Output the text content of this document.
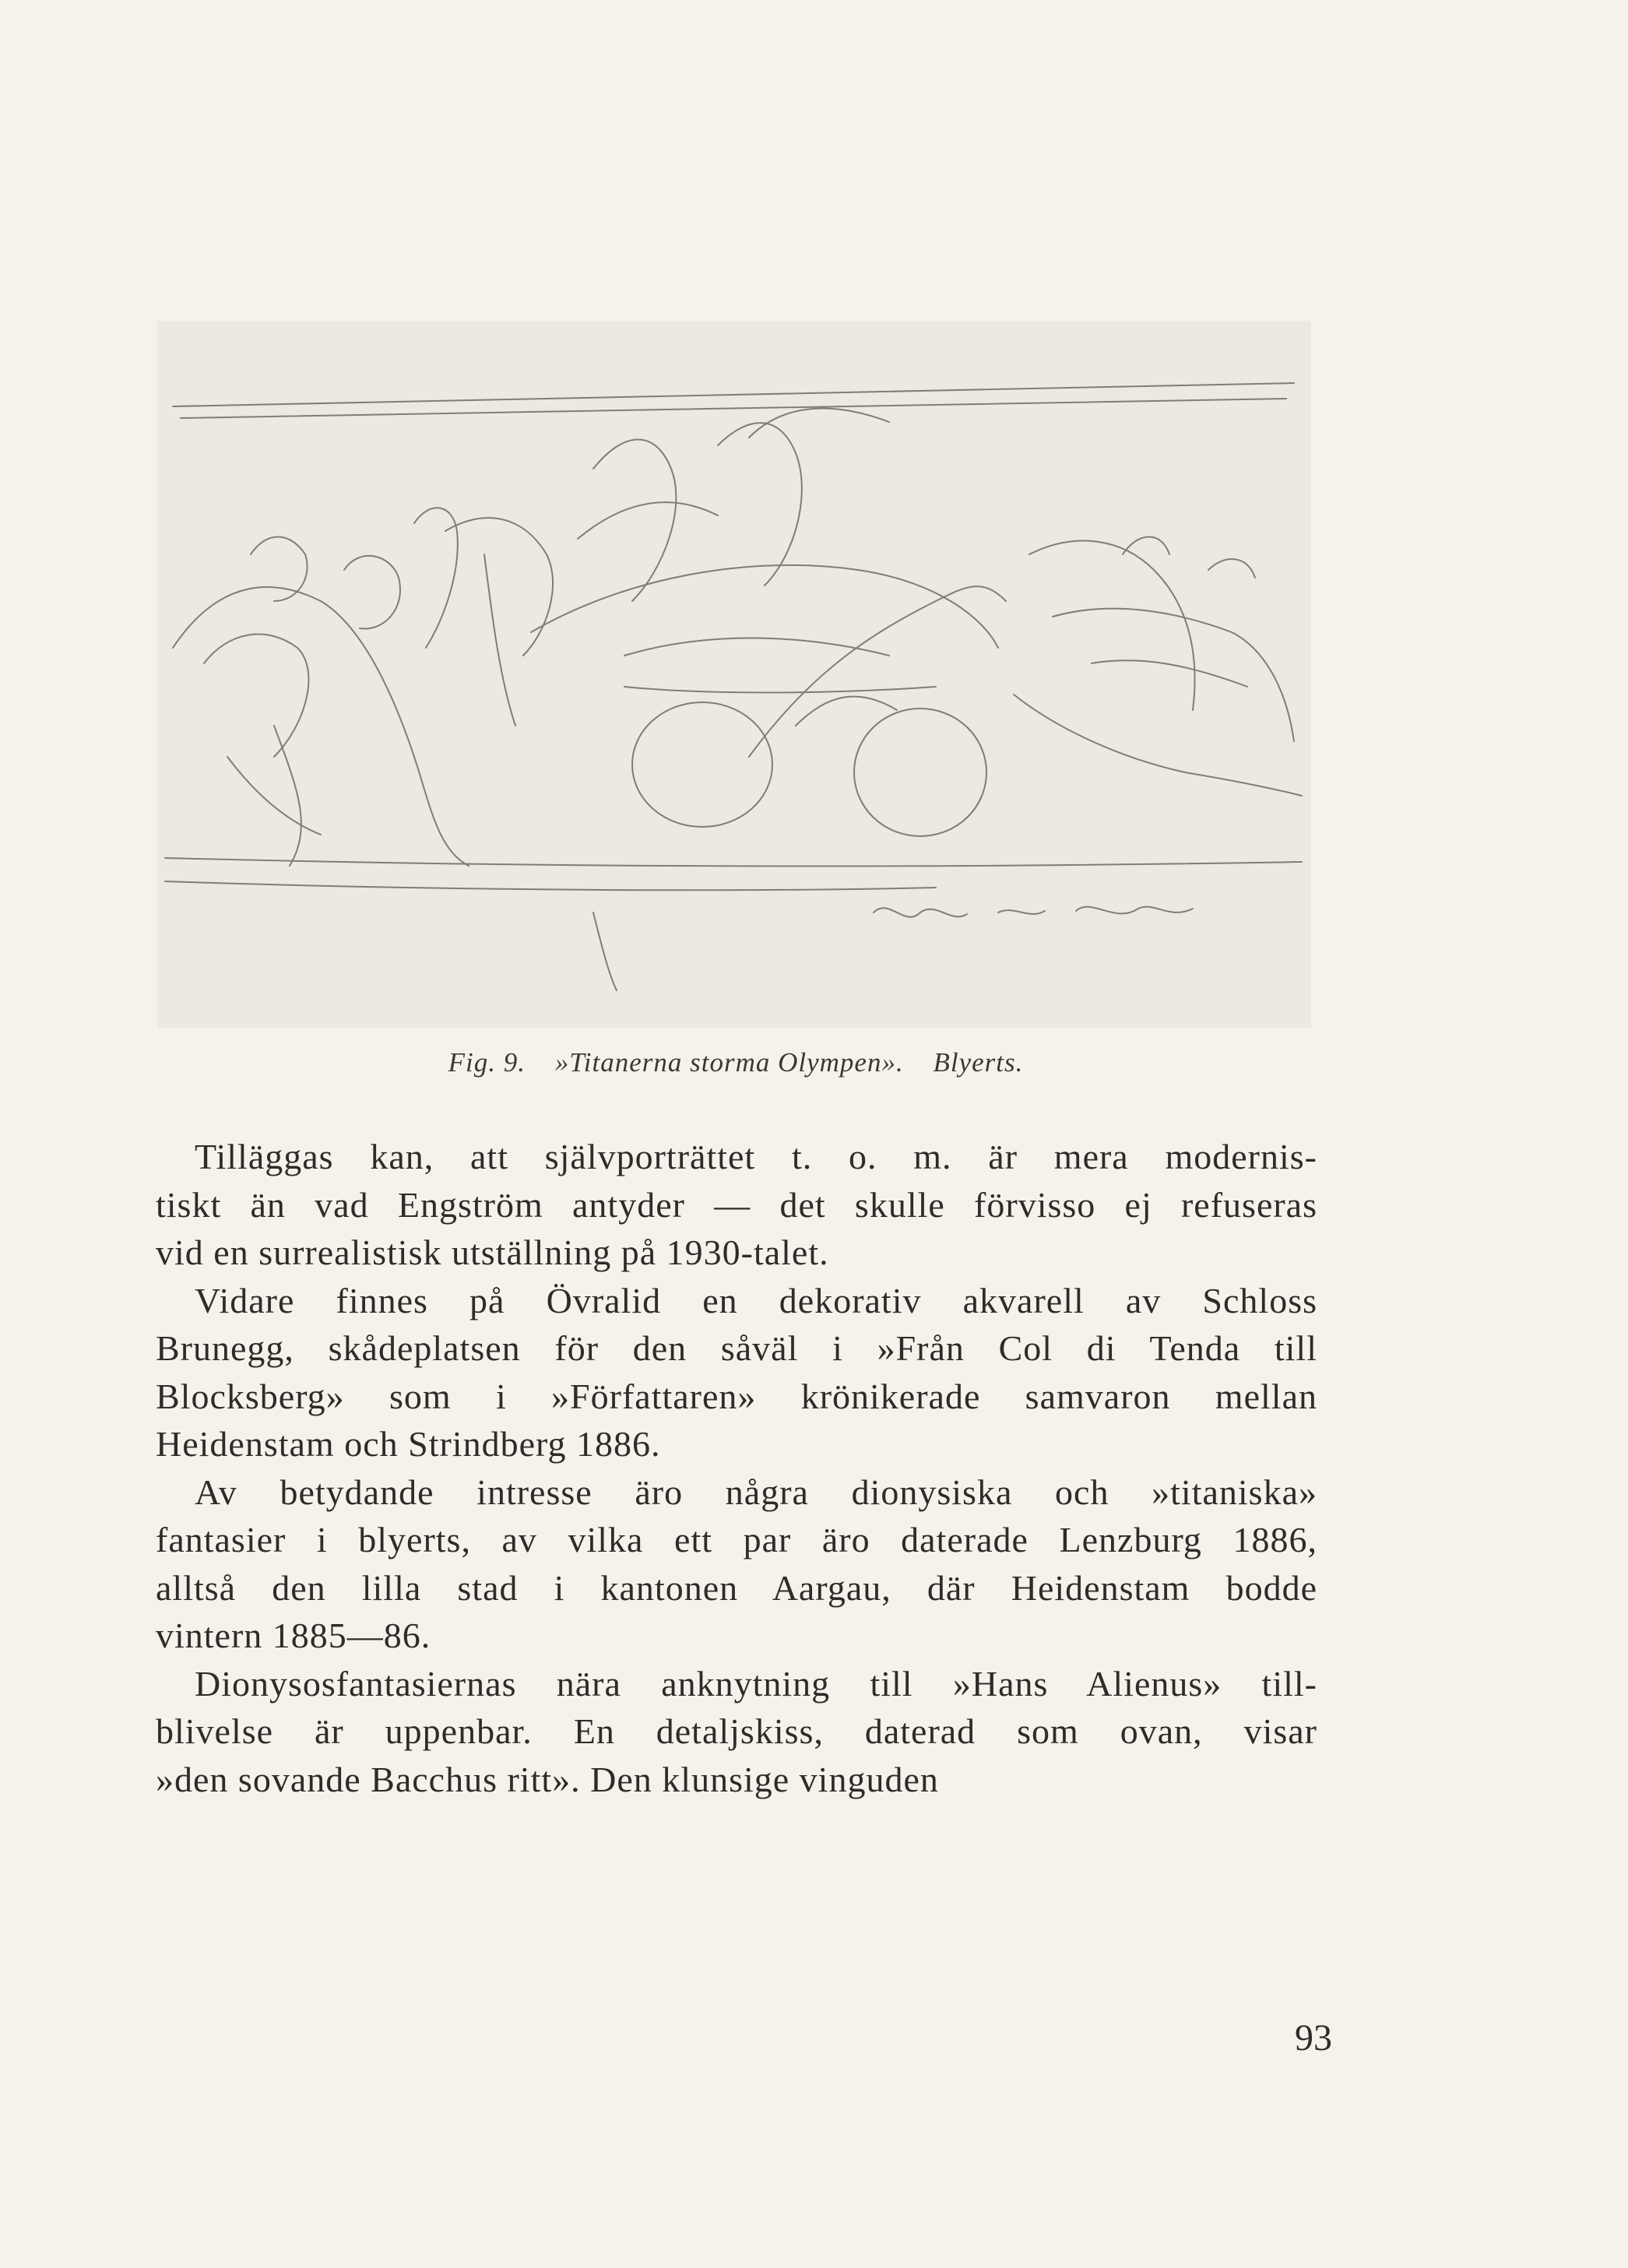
Fig. 9. »Titanerna storma Olympen». Blyerts.
Tilläggas kan, att självporträttet t. o. m. är mera modernis-
tiskt än vad Engström antyder — det skulle förvisso ej refuseras
vid en surrealistisk utställning på 1930-talet.
Vidare finnes på Övralid en dekorativ akvarell av Schloss
Brunegg, skådeplatsen för den såväl i »Från Col di Tenda till
Blocksberg» som i »Författaren» krönikerade samvaron mellan
Heidenstam och Strindberg 1886.
Av betydande intresse äro några dionysiska och »titaniska»
fantasier i blyerts, av vilka ett par äro daterade Lenzburg 1886,
alltså den lilla stad i kantonen Aargau, där Heidenstam bodde
vintern 1885—86.
Dionysosfantasiernas nära anknytning till »Hans Alienus» till-
blivelse är uppenbar. En detaljskiss, daterad som ovan, visar
»den sovande Bacchus ritt». Den klunsige vinguden
93
